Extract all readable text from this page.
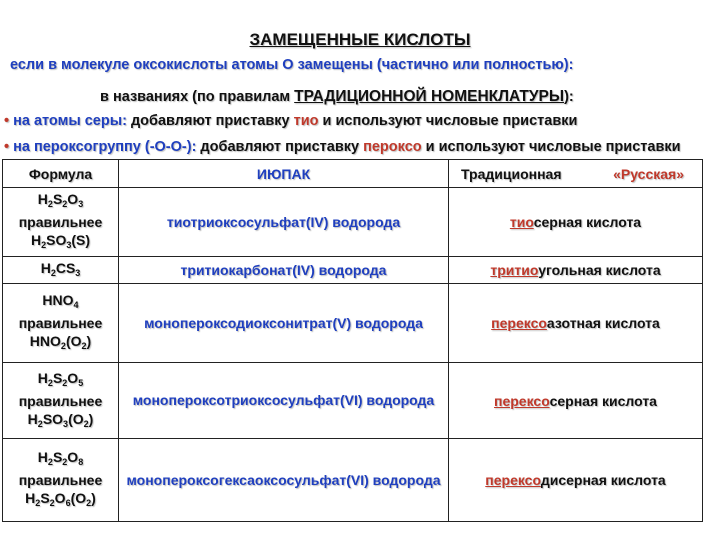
ЗАМЕЩЕННЫЕ КИСЛОТЫ
если в молекуле оксокислоты атомы О замещены (частично или полностью):
в названиях (по правилам ТРАДИЦИОННОЙ НОМЕНКЛАТУРЫ):
• на атомы серы: добавляют приставку тио и используют числовые приставки
• на пероксогруппу (-О-О-): добавляют приставку пероксо и используют числовые приставки
Формула	ИЮПАК	Традиционная «Русская»

$H_2S_2O_3$
правильнее
$H_2SO_3(S)$	тиотриоксосульфат(IV) водорода	тиосерная кислота
$H_2CS_3$	тритиокарбонат(IV) водорода	тритиоугольная кислота
$HNO_4$
правильнее
$HNO_2(O_2)$	монопероксодиоксонитрат(V) водорода	перексоазотная кислота
$H_2S_2O_5$
правильнее
$H_2SO_3(O_2)$	монопероксотриоксосульфат(VI) водорода	перексосерная кислота
$H_2S_2O_8$
правильнее
$H_2S_2O_6(O_2)$	монопероксогексаоксосульфат(VI) водорода	перексодисерная кислота
